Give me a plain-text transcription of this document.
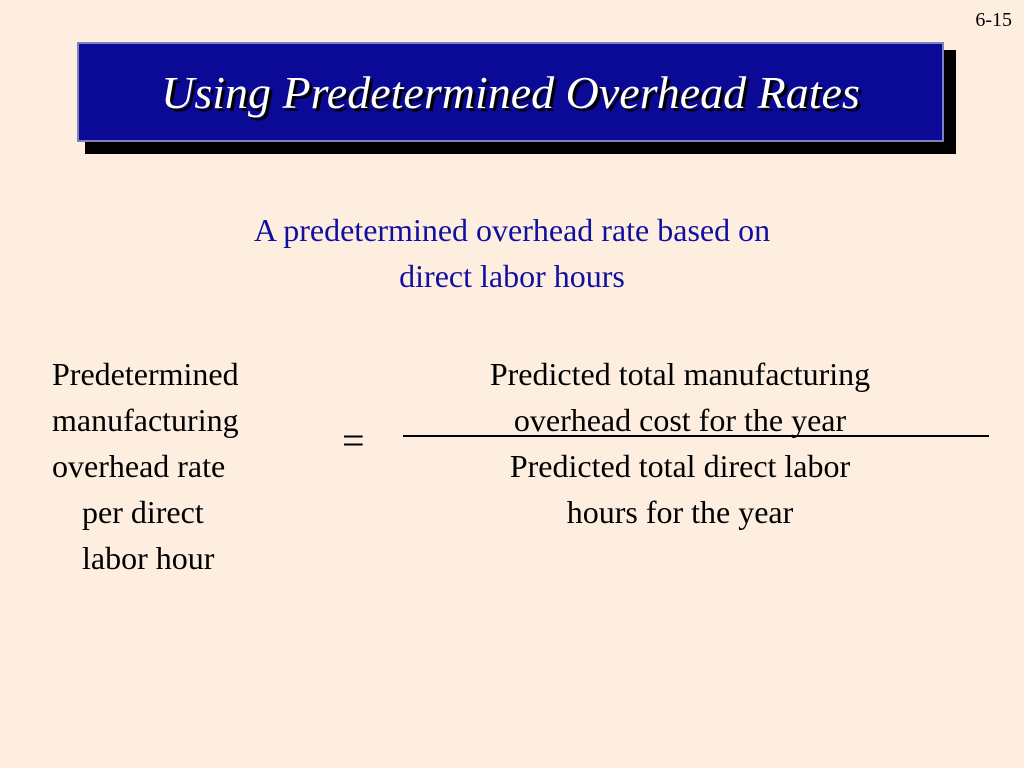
6-15
Using Predetermined Overhead Rates
A predetermined overhead rate based on
direct labor hours
Predetermined
manufacturing
overhead rate
per direct
labor hour
=
Predicted total manufacturing
overhead cost for the year
Predicted total direct labor
hours for the year
